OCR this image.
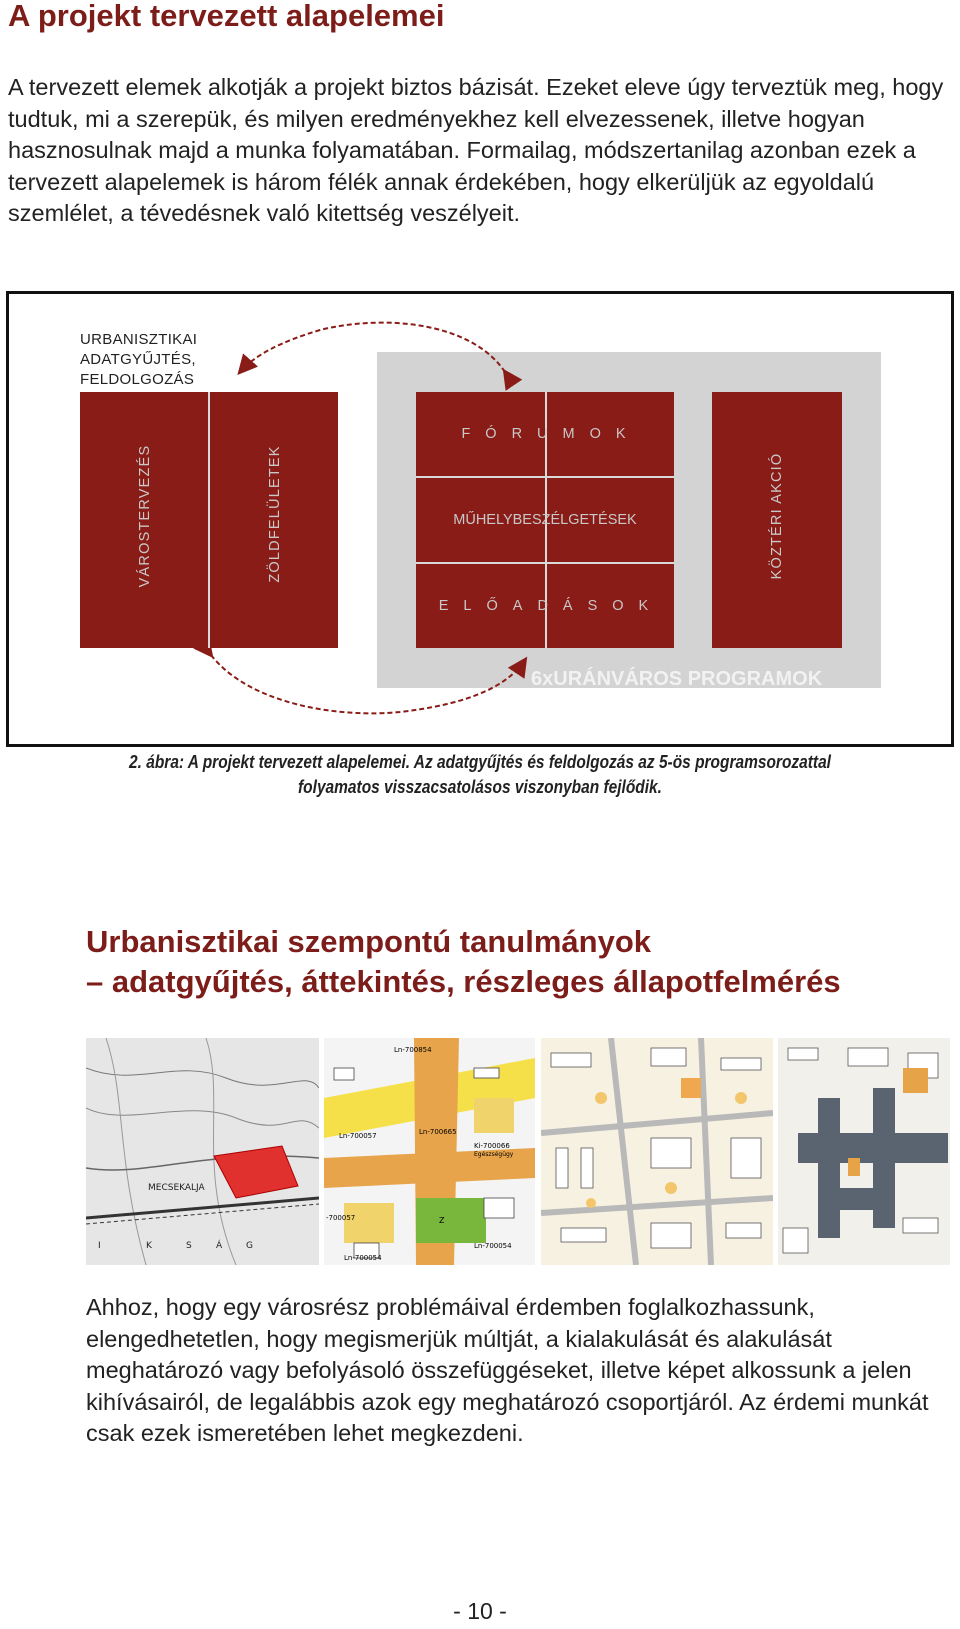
A projekt tervezett alapelemei
A tervezett elemek alkotják a projekt biztos bázisát. Ezeket eleve úgy terveztük meg, hogy tudtuk, mi a szerepük, és milyen eredményekhez kell elvezessenek, illetve hogyan hasznosulnak majd a munka folyamatában. Formailag, módszertanilag azonban ezek a tervezett alapelemek is három félék annak érdekében, hogy elkerüljük az egyoldalú szemlélet, a tévedésnek való kitettség veszélyeit.
URBANISZTIKAI
ADATGYŰJTÉS,
FELDOLGOZÁS
VÁROSTERVEZÉS	ZÖLDFELÜLETEK
FÓRUMOK
MŰHELYBESZÉLGETÉSEK
ELŐADÁSOK
KÖZTÉRI AKCIÓ
6xURÁNVÁROS PROGRAMOK
2. ábra: A projekt tervezett alapelemei. Az adatgyűjtés és feldolgozás az 5-ös programsorozattal
folyamatos visszacsatolásos viszonyban fejlődik.
Urbanisztikai szempontú tanulmányok
– adatgyűjtés, áttekintés, részleges állapotfelmérés
MECSEKALJA
I	K	S	Á	G
Ln-700854
Ln-700057	Ln-700665
Ki-700066
Egészségügy
-700057
Ln-700054
Ln-700054
Z
Ahhoz, hogy egy városrész problémáival érdemben foglalkozhassunk, elengedhetetlen, hogy megismerjük múltját, a kialakulását és alakulását meghatározó vagy befolyásoló összefüggéseket, illetve képet alkossunk a jelen kihívásairól, de legalábbis azok egy meghatározó csoportjáról. Az érdemi munkát csak ezek ismeretében lehet megkezdeni.
- 10 -
